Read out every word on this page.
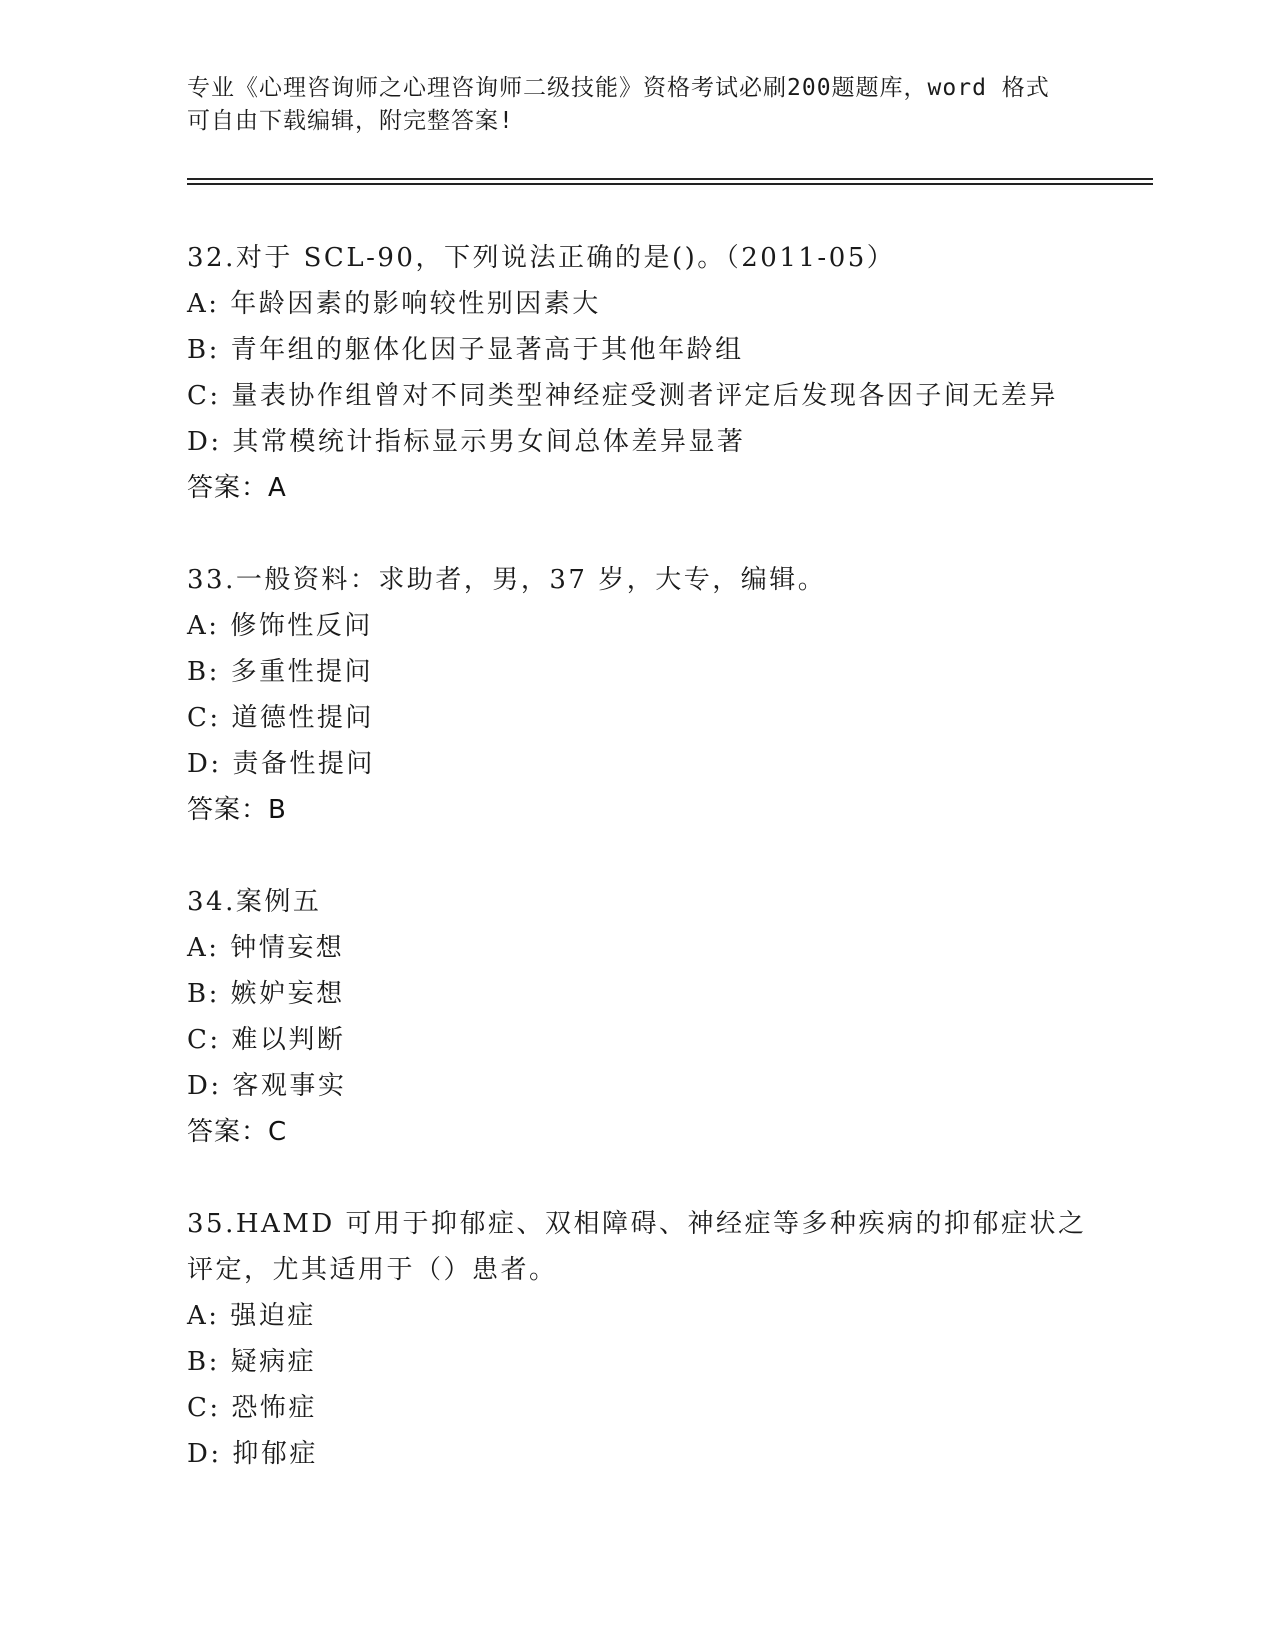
专业《心理咨询师之心理咨询师二级技能》资格考试必刷200题题库，word 格式
可自由下载编辑，附完整答案!
32.对于 SCL-90，下列说法正确的是()。（2011-05）
A: 年龄因素的影响较性别因素大
B: 青年组的躯体化因子显著高于其他年龄组
C: 量表协作组曾对不同类型神经症受测者评定后发现各因子间无差异
D: 其常模统计指标显示男女间总体差异显著
答案：A
33.一般资料：求助者，男，37 岁，大专，编辑。
A: 修饰性反问
B: 多重性提问
C: 道德性提问
D: 责备性提问
答案：B
34.案例五
A: 钟情妄想
B: 嫉妒妄想
C: 难以判断
D: 客观事实
答案：C
35.HAMD 可用于抑郁症、双相障碍、神经症等多种疾病的抑郁症状之评定，尤其适用于（）患者。
A: 强迫症
B: 疑病症
C: 恐怖症
D: 抑郁症
